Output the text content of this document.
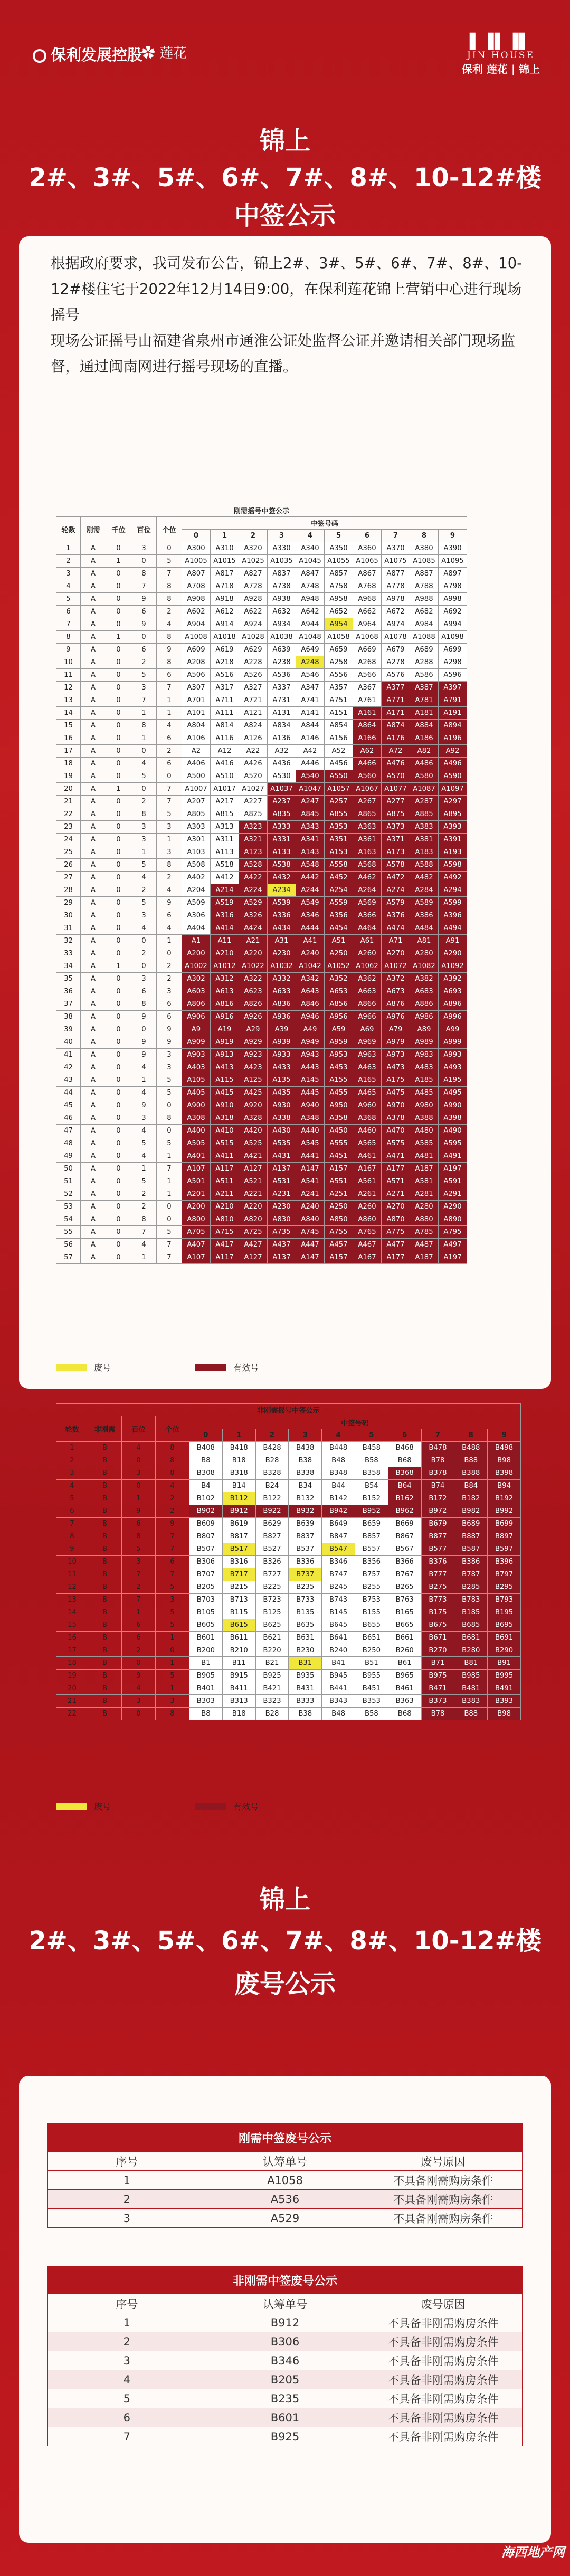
保利发展控股
✿ 莲花
▌▐▌▐▌
JIN HOUSE
保利 莲花 | 锦上
锦上
2#、3#、5#、6#、7#、8#、10-12#楼
中签公示

根据政府要求，我司发布公告，锦上2#、3#、5#、6#、7#、8#、10-12#楼住宅于2022年12月14日9:00，在保利莲花锦上营销中心进行现场摇号

现场公证摇号由福建省泉州市通淮公证处监督公证并邀请相关部门现场监督，通过闽南网进行摇号现场的直播。

刚需摇号中签公示														
轮数	刚需	千位	百位	个位	中签号码									
					0	1	2	3	4	5	6	7	8	9
1	A	0	3	0	A300	A310	A320	A330	A340	A350	A360	A370	A380	A390
2	A	1	0	5	A1005	A1015	A1025	A1035	A1045	A1055	A1065	A1075	A1085	A1095
3	A	0	8	7	A807	A817	A827	A837	A847	A857	A867	A877	A887	A897
4	A	0	7	8	A708	A718	A728	A738	A748	A758	A768	A778	A788	A798
5	A	0	9	8	A908	A918	A928	A938	A948	A958	A968	A978	A988	A998
6	A	0	6	2	A602	A612	A622	A632	A642	A652	A662	A672	A682	A692
7	A	0	9	4	A904	A914	A924	A934	A944	A954	A964	A974	A984	A994
8	A	1	0	8	A1008	A1018	A1028	A1038	A1048	A1058	A1068	A1078	A1088	A1098
9	A	0	6	9	A609	A619	A629	A639	A649	A659	A669	A679	A689	A699
10	A	0	2	8	A208	A218	A228	A238	A248	A258	A268	A278	A288	A298
11	A	0	5	6	A506	A516	A526	A536	A546	A556	A566	A576	A586	A596
12	A	0	3	7	A307	A317	A327	A337	A347	A357	A367	A377	A387	A397
13	A	0	7	1	A701	A711	A721	A731	A741	A751	A761	A771	A781	A791
14	A	0	1	1	A101	A111	A121	A131	A141	A151	A161	A171	A181	A191
15	A	0	8	4	A804	A814	A824	A834	A844	A854	A864	A874	A884	A894
16	A	0	1	6	A106	A116	A126	A136	A146	A156	A166	A176	A186	A196
17	A	0	0	2	A2	A12	A22	A32	A42	A52	A62	A72	A82	A92
18	A	0	4	6	A406	A416	A426	A436	A446	A456	A466	A476	A486	A496
19	A	0	5	0	A500	A510	A520	A530	A540	A550	A560	A570	A580	A590
20	A	1	0	7	A1007	A1017	A1027	A1037	A1047	A1057	A1067	A1077	A1087	A1097
21	A	0	2	7	A207	A217	A227	A237	A247	A257	A267	A277	A287	A297
22	A	0	8	5	A805	A815	A825	A835	A845	A855	A865	A875	A885	A895
23	A	0	3	3	A303	A313	A323	A333	A343	A353	A363	A373	A383	A393
24	A	0	3	1	A301	A311	A321	A331	A341	A351	A361	A371	A381	A391
25	A	0	1	3	A103	A113	A123	A133	A143	A153	A163	A173	A183	A193
26	A	0	5	8	A508	A518	A528	A538	A548	A558	A568	A578	A588	A598
27	A	0	4	2	A402	A412	A422	A432	A442	A452	A462	A472	A482	A492
28	A	0	2	4	A204	A214	A224	A234	A244	A254	A264	A274	A284	A294
29	A	0	5	9	A509	A519	A529	A539	A549	A559	A569	A579	A589	A599
30	A	0	3	6	A306	A316	A326	A336	A346	A356	A366	A376	A386	A396
31	A	0	4	4	A404	A414	A424	A434	A444	A454	A464	A474	A484	A494
32	A	0	0	1	A1	A11	A21	A31	A41	A51	A61	A71	A81	A91
33	A	0	2	0	A200	A210	A220	A230	A240	A250	A260	A270	A280	A290
34	A	1	0	2	A1002	A1012	A1022	A1032	A1042	A1052	A1062	A1072	A1082	A1092
35	A	0	3	2	A302	A312	A322	A332	A342	A352	A362	A372	A382	A392
36	A	0	6	3	A603	A613	A623	A633	A643	A653	A663	A673	A683	A693
37	A	0	8	6	A806	A816	A826	A836	A846	A856	A866	A876	A886	A896
38	A	0	9	6	A906	A916	A926	A936	A946	A956	A966	A976	A986	A996
39	A	0	0	9	A9	A19	A29	A39	A49	A59	A69	A79	A89	A99
40	A	0	9	9	A909	A919	A929	A939	A949	A959	A969	A979	A989	A999
41	A	0	9	3	A903	A913	A923	A933	A943	A953	A963	A973	A983	A993
42	A	0	4	3	A403	A413	A423	A433	A443	A453	A463	A473	A483	A493
43	A	0	1	5	A105	A115	A125	A135	A145	A155	A165	A175	A185	A195
44	A	0	4	5	A405	A415	A425	A435	A445	A455	A465	A475	A485	A495
45	A	0	9	0	A900	A910	A920	A930	A940	A950	A960	A970	A980	A990
46	A	0	3	8	A308	A318	A328	A338	A348	A358	A368	A378	A388	A398
47	A	0	4	0	A400	A410	A420	A430	A440	A450	A460	A470	A480	A490
48	A	0	5	5	A505	A515	A525	A535	A545	A555	A565	A575	A585	A595
49	A	0	4	1	A401	A411	A421	A431	A441	A451	A461	A471	A481	A491
50	A	0	1	7	A107	A117	A127	A137	A147	A157	A167	A177	A187	A197
51	A	0	5	1	A501	A511	A521	A531	A541	A551	A561	A571	A581	A591
52	A	0	2	1	A201	A211	A221	A231	A241	A251	A261	A271	A281	A291
53	A	0	2	0	A200	A210	A220	A230	A240	A250	A260	A270	A280	A290
54	A	0	8	0	A800	A810	A820	A830	A840	A850	A860	A870	A880	A890
55	A	0	7	5	A705	A715	A725	A735	A745	A755	A765	A775	A785	A795
56	A	0	4	7	A407	A417	A427	A437	A447	A457	A467	A477	A487	A497
57	A	0	1	7	A107	A117	A127	A137	A147	A157	A167	A177	A187	A197
废号	有效号
非刚需摇号中签公示													
轮数	非刚需	百位	个位	中签号码									
				0	1	2	3	4	5	6	7	8	9
1	B	4	8	B408	B418	B428	B438	B448	B458	B468	B478	B488	B498
2	B	0	8	B8	B18	B28	B38	B48	B58	B68	B78	B88	B98
3	B	3	8	B308	B318	B328	B338	B348	B358	B368	B378	B388	B398
4	B	0	4	B4	B14	B24	B34	B44	B54	B64	B74	B84	B94
5	B	1	2	B102	B112	B122	B132	B142	B152	B162	B172	B182	B192
6	B	9	2	B902	B912	B922	B932	B942	B952	B962	B972	B982	B992
7	B	6	9	B609	B619	B629	B639	B649	B659	B669	B679	B689	B699
8	B	8	7	B807	B817	B827	B837	B847	B857	B867	B877	B887	B897
9	B	5	7	B507	B517	B527	B537	B547	B557	B567	B577	B587	B597
10	B	3	6	B306	B316	B326	B336	B346	B356	B366	B376	B386	B396
11	B	7	7	B707	B717	B727	B737	B747	B757	B767	B777	B787	B797
12	B	2	5	B205	B215	B225	B235	B245	B255	B265	B275	B285	B295
13	B	7	3	B703	B713	B723	B733	B743	B753	B763	B773	B783	B793
14	B	1	5	B105	B115	B125	B135	B145	B155	B165	B175	B185	B195
15	B	6	5	B605	B615	B625	B635	B645	B655	B665	B675	B685	B695
16	B	6	1	B601	B611	B621	B631	B641	B651	B661	B671	B681	B691
17	B	2	0	B200	B210	B220	B230	B240	B250	B260	B270	B280	B290
18	B	0	1	B1	B11	B21	B31	B41	B51	B61	B71	B81	B91
19	B	9	5	B905	B915	B925	B935	B945	B955	B965	B975	B985	B995
20	B	4	1	B401	B411	B421	B431	B441	B451	B461	B471	B481	B491
21	B	3	3	B303	B313	B323	B333	B343	B353	B363	B373	B383	B393
22	B	0	8	B8	B18	B28	B38	B48	B58	B68	B78	B88	B98
废号	有效号
锦上
2#、3#、5#、6#、7#、8#、10-12#楼
废号公示
刚需中签废号公示		
序号	认筹单号	废号原因
1	A1058	不具备刚需购房条件
2	A536	不具备刚需购房条件
3	A529	不具备刚需购房条件
非刚需中签废号公示		
序号	认筹单号	废号原因
1	B912	不具备非刚需购房条件
2	B306	不具备非刚需购房条件
3	B346	不具备非刚需购房条件
4	B205	不具备非刚需购房条件
5	B235	不具备非刚需购房条件
6	B601	不具备非刚需购房条件
7	B925	不具备非刚需购房条件
海西地产网
